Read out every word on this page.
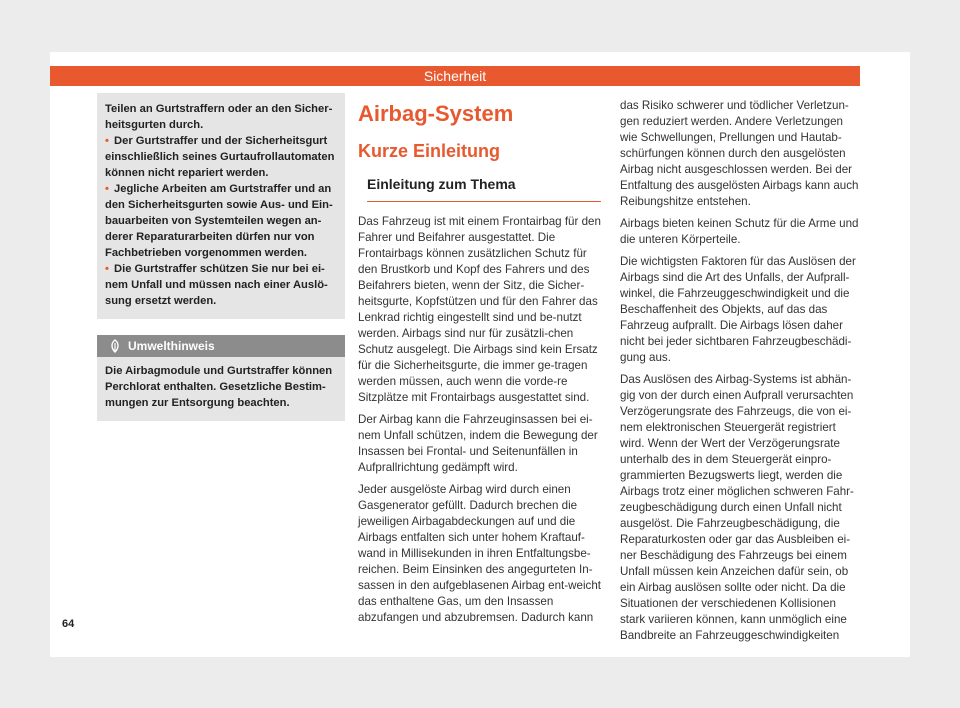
Sicherheit

Teilen an Gurtstraffern oder an den Sicher-heitsgurten durch.

• Der Gurtstraffer und der Sicherheitsgurt einschließlich seines Gurtaufrollautomaten können nicht repariert werden.

• Jegliche Arbeiten am Gurtstraffer und an den Sicherheitsgurten sowie Aus- und Ein-bauarbeiten von Systemteilen wegen an-derer Reparaturarbeiten dürfen nur von Fachbetrieben vorgenommen werden.

• Die Gurtstraffer schützen Sie nur bei ei-nem Unfall und müssen nach einer Auslö-sung ersetzt werden.

Umwelthinweis
Die Airbagmodule und Gurtstraffer können Perchlorat enthalten. Gesetzliche Bestim-mungen zur Entsorgung beachten.
Airbag-System
Kurze Einleitung
Einleitung zum Thema

Das Fahrzeug ist mit einem Frontairbag für den Fahrer und Beifahrer ausgestattet. Die Frontairbags können zusätzlichen Schutz für den Brustkorb und Kopf des Fahrers und des Beifahrers bieten, wenn der Sitz, die Sicher-heitsgurte, Kopfstützen und für den Fahrer das Lenkrad richtig eingestellt sind und be-nutzt werden. Airbags sind nur für zusätzli-chen Schutz ausgelegt. Die Airbags sind kein Ersatz für die Sicherheitsgurte, die immer ge-tragen werden müssen, auch wenn die vorde-re Sitzplätze mit Frontairbags ausgestattet sind.

Der Airbag kann die Fahrzeuginsassen bei ei-nem Unfall schützen, indem die Bewegung der Insassen bei Frontal- und Seitenunfällen in Aufprallrichtung gedämpft wird.

Jeder ausgelöste Airbag wird durch einen Gasgenerator gefüllt. Dadurch brechen die jeweiligen Airbagabdeckungen auf und die Airbags entfalten sich unter hohem Kraftauf-wand in Millisekunden in ihren Entfaltungsbe-reichen. Beim Einsinken des angegurteten In-sassen in den aufgeblasenen Airbag ent-weicht das enthaltene Gas, um den Insassen abzufangen und abzubremsen. Dadurch kann

das Risiko schwerer und tödlicher Verletzun-gen reduziert werden. Andere Verletzungen wie Schwellungen, Prellungen und Hautab-schürfungen können durch den ausgelösten Airbag nicht ausgeschlossen werden. Bei der Entfaltung des ausgelösten Airbags kann auch Reibungshitze entstehen.

Airbags bieten keinen Schutz für die Arme und die unteren Körperteile.

Die wichtigsten Faktoren für das Auslösen der Airbags sind die Art des Unfalls, der Aufprall-winkel, die Fahrzeuggeschwindigkeit und die Beschaffenheit des Objekts, auf das das Fahrzeug aufprallt. Die Airbags lösen daher nicht bei jeder sichtbaren Fahrzeugbeschädi-gung aus.

Das Auslösen des Airbag-Systems ist abhän-gig von der durch einen Aufprall verursachten Verzögerungsrate des Fahrzeugs, die von ei-nem elektronischen Steuergerät registriert wird. Wenn der Wert der Verzögerungsrate unterhalb des in dem Steuergerät einpro-grammierten Bezugswerts liegt, werden die Airbags trotz einer möglichen schweren Fahr-zeugbeschädigung durch einen Unfall nicht ausgelöst. Die Fahrzeugbeschädigung, die Reparaturkosten oder gar das Ausbleiben ei-ner Beschädigung des Fahrzeugs bei einem Unfall müssen kein Anzeichen dafür sein, ob ein Airbag auslösen sollte oder nicht. Da die Situationen der verschiedenen Kollisionen stark variieren können, kann unmöglich eine Bandbreite an Fahrzeuggeschwindigkeiten

64
